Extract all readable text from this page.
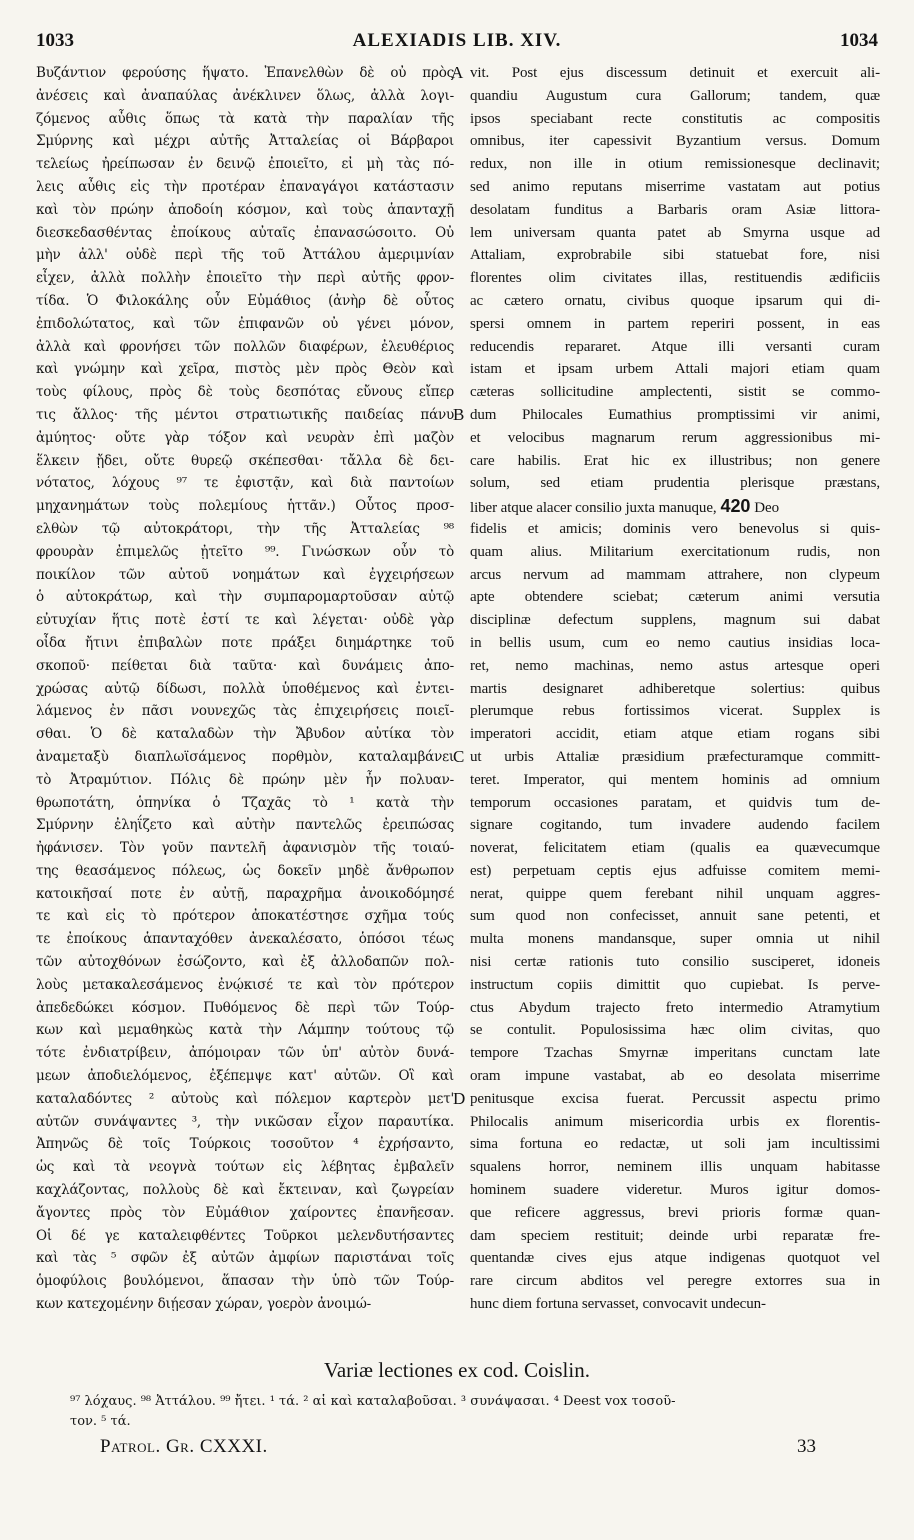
1033	ALEXIADIS LIB. XIV.	1034
Βυζάντιον φερούσης ἥψατο. Ἐπανελθὼν δὲ οὐ πρὸς
ἀνέσεις καὶ ἀναπαύλας ἀνέκλινεν ὅλως, ἀλλὰ λογι-
ζόμενος αὖθις ὅπως τὰ κατὰ τὴν παραλίαν τῆς
Σμύρνης καὶ μέχρι αὐτῆς Ἀτταλείας οἱ Βάρβαροι
τελείως ἠρείπωσαν ἐν δεινῷ ἐποιεῖτο, εἰ μὴ τὰς πό-
λεις αὖθις εἰς τὴν προτέραν ἐπαναγάγοι κατάστασιν
καὶ τὸν πρώην ἀποδοίη κόσμον, καὶ τοὺς ἁπανταχῇ
διεσκεδασθέντας ἐποίκους αὐταῖς ἐπανασώσοιτο. Οὐ
μὴν ἀλλ' οὐδὲ περὶ τῆς τοῦ Ἀττάλου ἀμεριμνίαν
εἶχεν, ἀλλὰ πολλὴν ἐποιεῖτο τὴν περὶ αὐτῆς φρον-
τίδα. Ὁ Φιλοκάλης οὖν Εὐμάθιος (ἀνὴρ δὲ οὗτος
ἐπιδολώτατος, καὶ τῶν ἐπιφανῶν οὐ γένει μόνον,
ἀλλὰ καὶ φρονήσει τῶν πολλῶν διαφέρων, ἐλευθέριος
καὶ γνώμην καὶ χεῖρα, πιστὸς μὲν πρὸς Θεὸν καὶ
τοὺς φίλους, πρὸς δὲ τοὺς δεσπότας εὔνους εἴπερ
τις ἄλλος· τῆς μέντοι στρατιωτικῆς παιδείας πάνυ
ἀμύητος· οὔτε γὰρ τόξον καὶ νευρὰν ἐπὶ μαζὸν
ἕλκειν ᾔδει, οὔτε θυρεῷ σκέπεσθαι· τἄλλα δὲ δει-
νότατος, λόχους ⁹⁷ τε ἐφιστᾷν, καὶ διὰ παντοίων
μηχανημάτων τοὺς πολεμίους ἡττᾶν.) Οὗτος προσ-
ελθὼν τῷ αὐτοκράτορι, τὴν τῆς Ἀτταλείας ⁹⁸
φρουρὰν ἐπιμελῶς ᾐτεῖτο ⁹⁹. Γινώσκων οὖν τὸ
ποικίλον τῶν αὐτοῦ νοημάτων καὶ ἐγχειρήσεων
ὁ αὐτοκράτωρ, καὶ τὴν συμπαρομαρτοῦσαν αὐτῷ
εὐτυχίαν ἥτις ποτὲ ἐστί τε καὶ λέγεται· οὐδὲ γὰρ
οἶδα ἤτινι ἐπιβαλὼν ποτε πράξει διημάρτηκε τοῦ
σκοποῦ· πείθεται διὰ ταῦτα· καὶ δυνάμεις ἀπο-
χρώσας αὐτῷ δίδωσι, πολλὰ ὑποθέμενος καὶ ἐντει-
λάμενος ἐν πᾶσι νουνεχῶς τὰς ἐπιχειρήσεις ποιεῖ-
σθαι. Ὁ δὲ καταλαδὼν τὴν Ἄβυδον αὐτίκα τὸν
ἀναμεταξὺ διαπλωϊσάμενος πορθμὸν, καταλαμβάνει
τὸ Ἀτραμύτιον. Πόλις δὲ πρώην μὲν ἦν πολυαν-
θρωποτάτη, ὁπηνίκα ὁ Τζαχᾶς τὸ ¹ κατὰ τὴν
Σμύρνην ἐληΐζετο καὶ αὐτὴν παντελῶς ἐρειπώσας
ἠφάνισεν. Τὸν γοῦν παντελῆ ἀφανισμὸν τῆς τοιαύ-
της θεασάμενος πόλεως, ὡς δοκεῖν μηδὲ ἄνθρωπον
κατοικῆσαί ποτε ἐν αὐτῇ, παραχρῆμα ἀνοικοδόμησέ
τε καὶ εἰς τὸ πρότερον ἀποκατέστησε σχῆμα τούς
τε ἐποίκους ἁπανταχόθεν ἀνεκαλέσατο, ὁπόσοι τέως
τῶν αὐτοχθόνων ἐσώζοντο, καὶ ἐξ ἀλλοδαπῶν πολ-
λοὺς μετακαλεσάμενος ἐνῴκισέ τε καὶ τὸν πρότερον
ἀπεδεδώκει κόσμον. Πυθόμενος δὲ περὶ τῶν Τούρ-
κων καὶ μεμαθηκὼς κατὰ τὴν Λάμπην τούτους τῷ
τότε ἐνδιατρίβειν, ἀπόμοιραν τῶν ὑπ' αὐτὸν δυνά-
μεων ἀποδιελόμενος, ἐξέπεμψε κατ' αὐτῶν. Οἳ καὶ
καταλαδόντες ² αὐτοὺς καὶ πόλεμον καρτερὸν μετ'
αὐτῶν συνάψαντες ³, τὴν νικῶσαν εἶχον παραυτίκα.
Ἀπηνῶς δὲ τοῖς Τούρκοις τοσοῦτον ⁴ ἐχρήσαντο,
ὡς καὶ τὰ νεογνὰ τούτων εἰς λέβητας ἐμβαλεῖν
καχλάζοντας, πολλοὺς δὲ καὶ ἔκτειναν, καὶ ζωγρείαν
ἄγοντες πρὸς τὸν Εὐμάθιον χαίροντες ἐπανῆεσαν.
Οἱ δέ γε καταλειφθέντες Τοῦρκοι μελενδυτήσαντες
καὶ τὰς ⁵ σφῶν ἐξ αὐτῶν ἀμφίων παριστάναι τοῖς
ὁμοφύλοις βουλόμενοι, ἅπασαν τὴν ὑπὸ τῶν Τούρ-
κων κατεχομένην διῄεσαν χώραν, γοερὸν ἀνοιμώ-
vit. Post ejus discessum detinuit et exercuit ali-
quandiu Augustum cura Gallorum; tandem, quæ
ipsos speciabant recte constitutis ac compositis
omnibus, iter capessivit Byzantium versus. Domum
redux, non ille in otium remissionesque declinavit;
sed animo reputans miserrime vastatam aut potius
desolatam funditus a Barbaris oram Asiæ littora-
lem universam quanta patet ab Smyrna usque ad
Attaliam, exprobrabile sibi statuebat fore, nisi
florentes olim civitates illas, restituendis ædificiis
ac cætero ornatu, civibus quoque ipsarum qui di-
spersi omnem in partem reperiri possent, in eas
reducendis repararet. Atque illi versanti curam
istam et ipsam urbem Attali majori etiam quam
cæteras sollicitudine amplectenti, sistit se commo-
dum Philocales Eumathius promptissimi vir animi,
et velocibus magnarum rerum aggressionibus mi-
care habilis. Erat hic ex illustribus; non genere
solum, sed etiam prudentia plerisque præstans,
liber atque alacer consilio juxta manuque, 420 Deo
fidelis et amicis; dominis vero benevolus si quis-
quam alius. Militarium exercitationum rudis, non
arcus nervum ad mammam attrahere, non clypeum
apte obtendere sciebat; cæterum animi versutia
disciplinæ defectum supplens, magnum sui dabat
in bellis usum, cum eo nemo cautius insidias loca-
ret, nemo machinas, nemo astus artesque operi
martis designaret adhiberetque solertius: quibus
plerumque rebus fortissimos vicerat. Supplex is
imperatori accidit, etiam atque etiam rogans sibi
ut urbis Attaliæ præsidium præfecturamque committ-
teret. Imperator, qui mentem hominis ad omnium
temporum occasiones paratam, et quidvis tum de-
signare cogitando, tum invadere audendo facilem
noverat, felicitatem etiam (qualis ea quævecumque
est) perpetuam ceptis ejus adfuisse comitem memi-
nerat, quippe quem ferebant nihil unquam aggres-
sum quod non confecisset, annuit sane petenti, et
multa monens mandansque, super omnia ut nihil
nisi certæ rationis tuto consilio susciperet, idoneis
instructum copiis dimittit quo cupiebat. Is perve-
ctus Abydum trajecto freto intermedio Atramytium
se contulit. Populosissima hæc olim civitas, quo
tempore Tzachas Smyrnæ imperitans cunctam late
oram impune vastabat, ab eo desolata miserrime
penitusque excisa fuerat. Percussit aspectu primo
Philocalis animum misericordia urbis ex florentis-
sima fortuna eo redactæ, ut soli jam incultissimi
squalens horror, neminem illis unquam habitasse
hominem suadere videretur. Muros igitur domos-
que reficere aggressus, brevi prioris formæ quan-
dam speciem restituit; deinde urbi reparatæ fre-
quentandæ cives ejus atque indigenas quotquot vel
rare circum abditos vel peregre extorres sua in
hunc diem fortuna servasset, convocavit undecun-
A
B
C
D
Variæ lectiones ex cod. Coislin.
⁹⁷ λόχαυς. ⁹⁸ Ἀττάλου. ⁹⁹ ἤτει. ¹ τά. ² αἱ καὶ καταλαβοῦσαι. ³ συνάψασαι. ⁴ Deest vox τοσοῦ-
τον. ⁵ τά.
Patrol. Gr. CXXXI.	33
